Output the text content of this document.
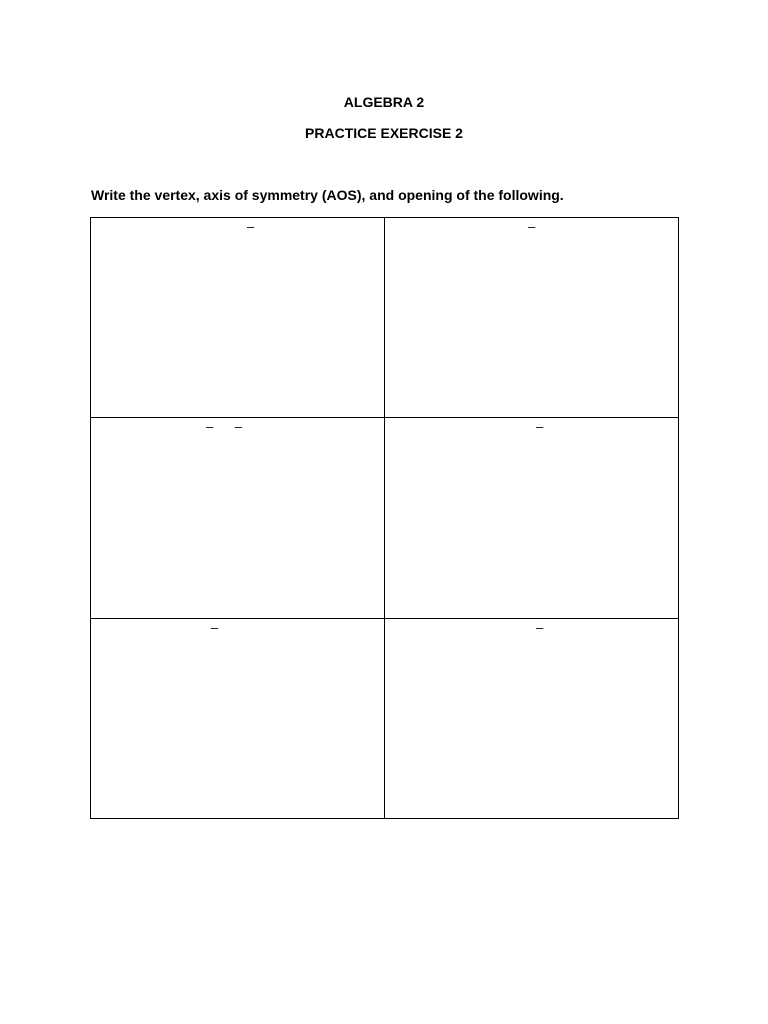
ALGEBRA 2
PRACTICE EXERCISE 2
Write the vertex, axis of symmetry (AOS), and opening of the following.
–	–

–      –	–

–	–
